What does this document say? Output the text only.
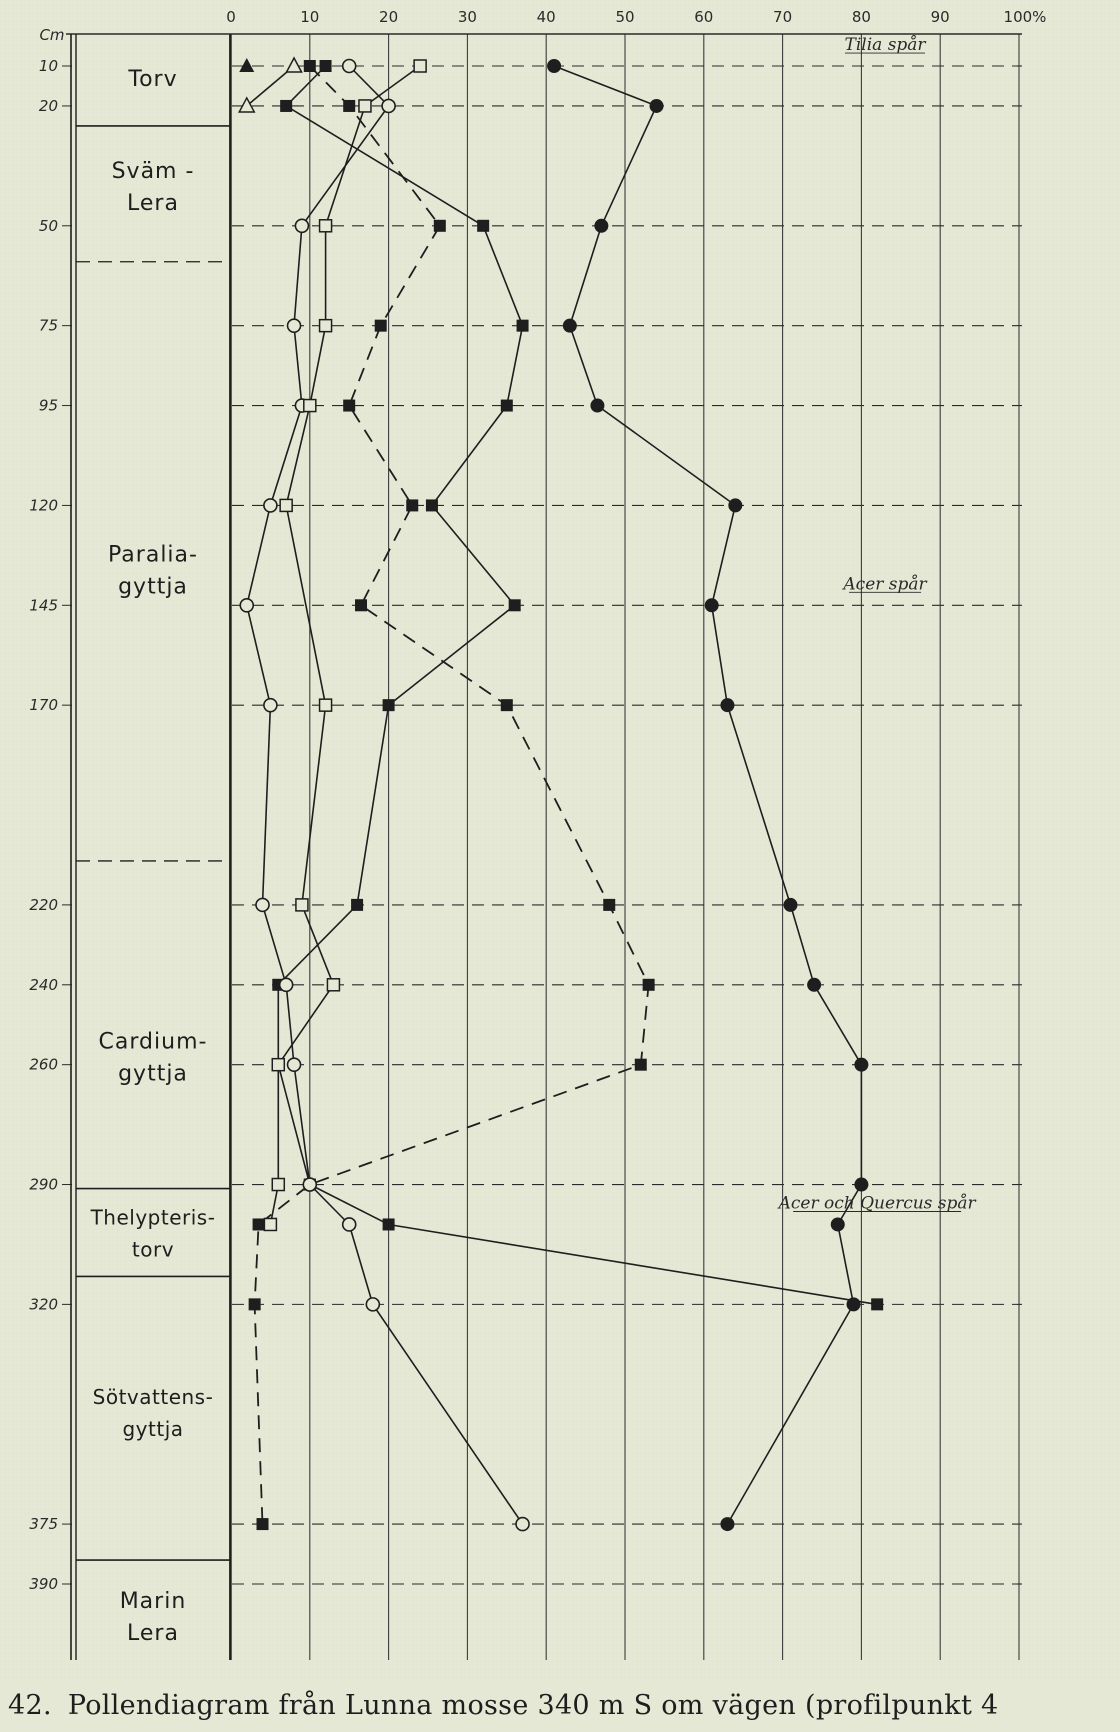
0	10	20	30	40	50	60	70	80	90	100%
Cm
10
20
50
75
95
120
145
170
220
240
260
290
320
375
390
Torv
Sväm -Lera
Paralia-gyttja
Cardium-gyttja
Thelypteris-torv
Sötvattens-gyttja
Marin Lera
Tilia spår
Acer spår
Acer och Quercus spår
42. Pollendiagram från Lunna mosse 340 m S om vägen (profilpunkt 4
